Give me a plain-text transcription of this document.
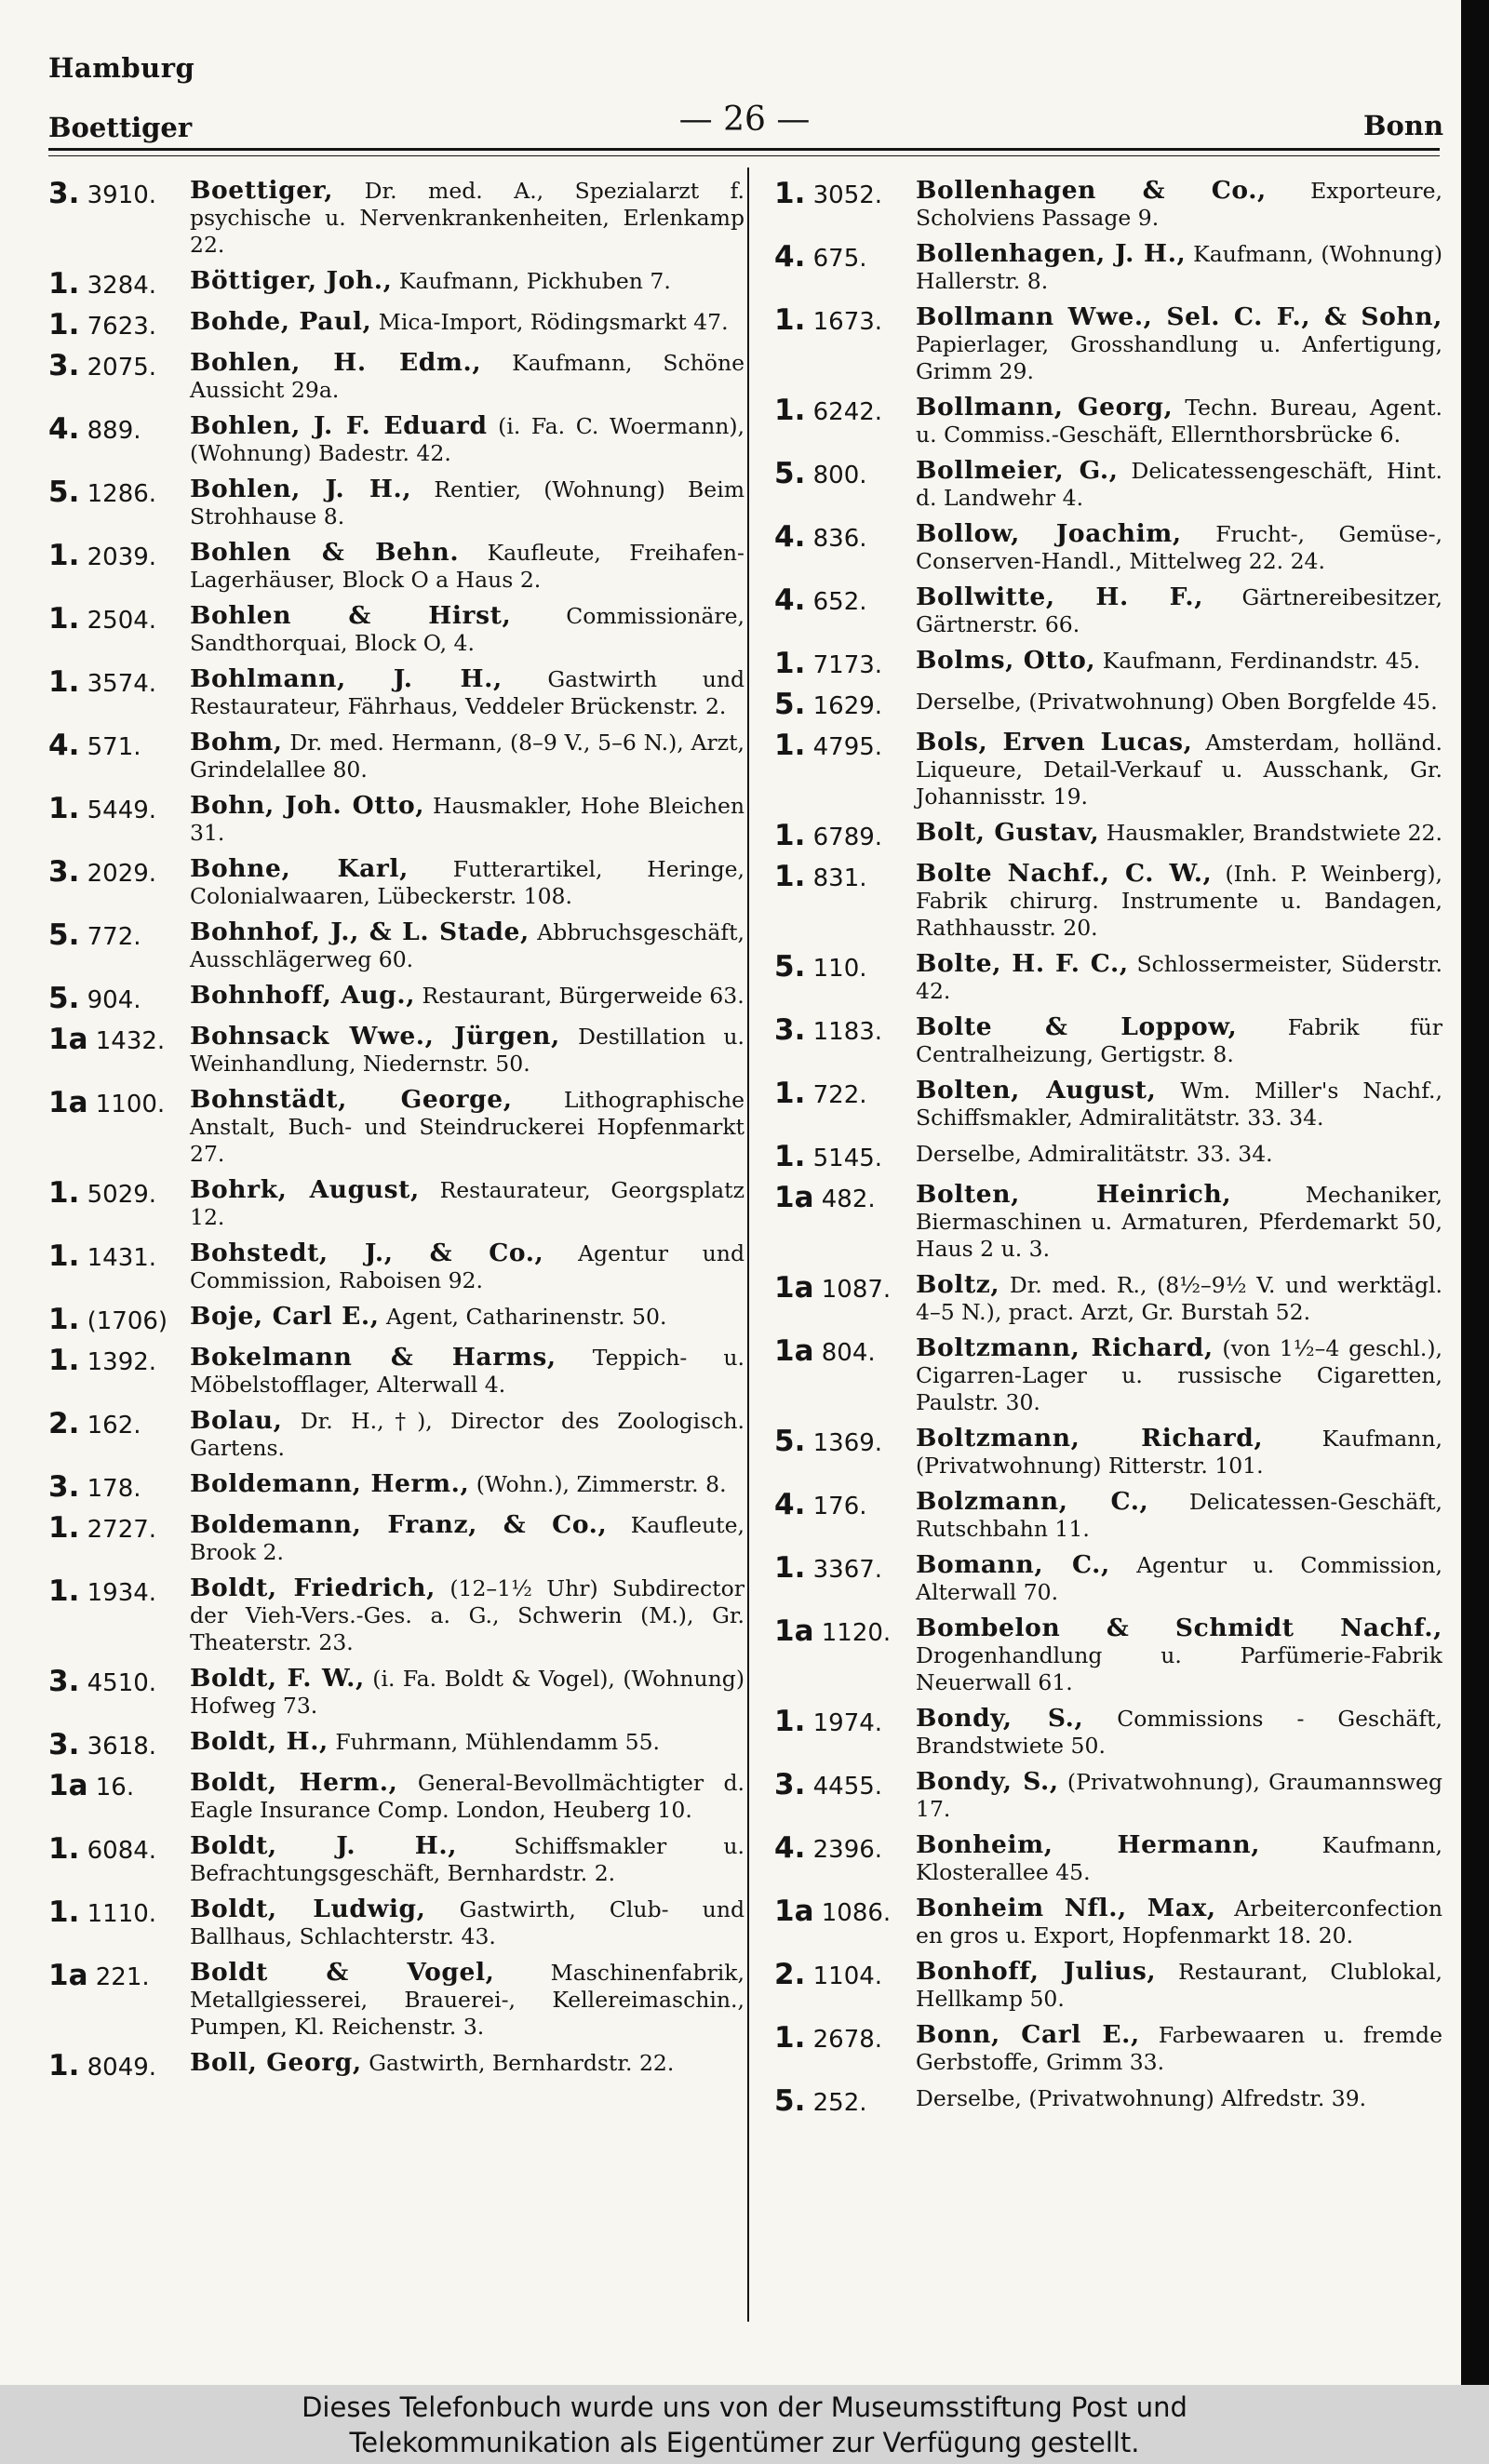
Hamburg
Boettiger	— 26 —	Bonn
3. 3910.	Boettiger, Dr. med. A., Spezialarzt f. psychische u. Nervenkrankenheiten, Erlenkamp 22.
1. 3284.	Böttiger, Joh., Kaufmann, Pickhuben 7.
1. 7623.	Bohde, Paul, Mica-Import, Rödingsmarkt 47.
3. 2075.	Bohlen, H. Edm., Kaufmann, Schöne Aussicht 29a.
4. 889.	Bohlen, J. F. Eduard (i. Fa. C. Woermann), (Wohnung) Badestr. 42.
5. 1286.	Bohlen, J. H., Rentier, (Wohnung) Beim Strohhause 8.
1. 2039.	Bohlen & Behn. Kaufleute, Freihafen-Lagerhäuser, Block O a Haus 2.
1. 2504.	Bohlen & Hirst, Commissionäre, Sandthorquai, Block O, 4.
1. 3574.	Bohlmann, J. H., Gastwirth und Restaurateur, Fährhaus, Veddeler Brückenstr. 2.
4. 571.	Bohm, Dr. med. Hermann, (8–9 V., 5–6 N.), Arzt, Grindelallee 80.
1. 5449.	Bohn, Joh. Otto, Hausmakler, Hohe Bleichen 31.
3. 2029.	Bohne, Karl, Futterartikel, Heringe, Colonialwaaren, Lübeckerstr. 108.
5. 772.	Bohnhof, J., & L. Stade, Abbruchsgeschäft, Ausschlägerweg 60.
5. 904.	Bohnhoff, Aug., Restaurant, Bürgerweide 63.
1a 1432.	Bohnsack Wwe., Jürgen, Destillation u. Weinhandlung, Niedernstr. 50.
1a 1100.	Bohnstädt, George, Lithographische Anstalt, Buch- und Steindruckerei Hopfenmarkt 27.
1. 5029.	Bohrk, August, Restaurateur, Georgsplatz 12.
1. 1431.	Bohstedt, J., & Co., Agentur und Commission, Raboisen 92.
1. (1706) Boje, Carl E., Agent, Catharinenstr. 50.
1. 1392.	Bokelmann & Harms, Teppich- u. Möbelstofflager, Alterwall 4.
2. 162.	Bolau, Dr. H.,†), Director des Zoologisch. Gartens.
3. 178.	Boldemann, Herm., (Wohn.), Zimmerstr. 8.
1. 2727.	Boldemann, Franz, & Co., Kaufleute, Brook 2.
1. 1934.	Boldt, Friedrich, (12–1½ Uhr) Subdirector der Vieh-Vers.-Ges. a. G., Schwerin (M.), Gr. Theaterstr. 23.
3. 4510.	Boldt, F. W., (i. Fa. Boldt & Vogel), (Wohnung) Hofweg 73.
3. 3618.	Boldt, H., Fuhrmann, Mühlendamm 55.
1a 16.	Boldt, Herm., General-Bevollmächtigter d. Eagle Insurance Comp. London, Heuberg 10.
1. 6084.	Boldt, J. H., Schiffsmakler u. Befrachtungsgeschäft, Bernhardstr. 2.
1. 1110.	Boldt, Ludwig, Gastwirth, Club- und Ballhaus, Schlachterstr. 43.
1a 221.	Boldt & Vogel, Maschinenfabrik, Metallgiesserei, Brauerei-, Kellereimaschin., Pumpen, Kl. Reichenstr. 3.
1. 8049.	Boll, Georg, Gastwirth, Bernhardstr. 22.
1. 3052.	Bollenhagen & Co., Exporteure, Scholviens Passage 9.
4. 675.	Bollenhagen, J. H., Kaufmann, (Wohnung) Hallerstr. 8.
1. 1673.	Bollmann Wwe., Sel. C. F., & Sohn, Papierlager, Grosshandlung u. Anfertigung, Grimm 29.
1. 6242.	Bollmann, Georg, Techn. Bureau, Agent. u. Commiss.-Geschäft, Ellernthorsbrücke 6.
5. 800.	Bollmeier, G., Delicatessengeschäft, Hint. d. Landwehr 4.
4. 836.	Bollow, Joachim, Frucht-, Gemüse-, Conserven-Handl., Mittelweg 22. 24.
4. 652.	Bollwitte, H. F., Gärtnereibesitzer, Gärtnerstr. 66.
1. 7173.	Bolms, Otto, Kaufmann, Ferdinandstr. 45.
5. 1629.	Derselbe, (Privatwohnung) Oben Borgfelde 45.
1. 4795.	Bols, Erven Lucas, Amsterdam, holländ. Liqueure, Detail-Verkauf u. Ausschank, Gr. Johannisstr. 19.
1. 6789.	Bolt, Gustav, Hausmakler, Brandstwiete 22.
1. 831.	Bolte Nachf., C. W., (Inh. P. Weinberg), Fabrik chirurg. Instrumente u. Bandagen, Rathhausstr. 20.
5. 110.	Bolte, H. F. C., Schlossermeister, Süderstr. 42.
3. 1183.	Bolte & Loppow, Fabrik für Centralheizung, Gertigstr. 8.
1. 722.	Bolten, August, Wm. Miller's Nachf., Schiffsmakler, Admiralitätstr. 33. 34.
1. 5145.	Derselbe, Admiralitätstr. 33. 34.
1a 482.	Bolten, Heinrich, Mechaniker, Biermaschinen u. Armaturen, Pferdemarkt 50, Haus 2 u. 3.
1a 1087.	Boltz, Dr. med. R., (8½–9½ V. und werktägl. 4–5 N.), pract. Arzt, Gr. Burstah 52.
1a 804.	Boltzmann, Richard, (von 1½–4 geschl.), Cigarren-Lager u. russische Cigaretten, Paulstr. 30.
5. 1369.	Boltzmann, Richard, Kaufmann, (Privatwohnung) Ritterstr. 101.
4. 176.	Bolzmann, C., Delicatessen-Geschäft, Rutschbahn 11.
1. 3367.	Bomann, C., Agentur u. Commission, Alterwall 70.
1a 1120.	Bombelon & Schmidt Nachf., Drogenhandlung u. Parfümerie-Fabrik Neuerwall 61.
1. 1974.	Bondy, S., Commissions - Geschäft, Brandstwiete 50.
3. 4455.	Bondy, S., (Privatwohnung), Graumannsweg 17.
4. 2396.	Bonheim, Hermann, Kaufmann, Klosterallee 45.
1a 1086.	Bonheim Nfl., Max, Arbeiterconfection en gros u. Export, Hopfenmarkt 18. 20.
2. 1104.	Bonhoff, Julius, Restaurant, Clublokal, Hellkamp 50.
1. 2678.	Bonn, Carl E., Farbewaaren u. fremde Gerbstoffe, Grimm 33.
5. 252.	Derselbe, (Privatwohnung) Alfredstr. 39.
Dieses Telefonbuch wurde uns von der Museumsstiftung Post und
Telekommunikation als Eigentümer zur Verfügung gestellt.
